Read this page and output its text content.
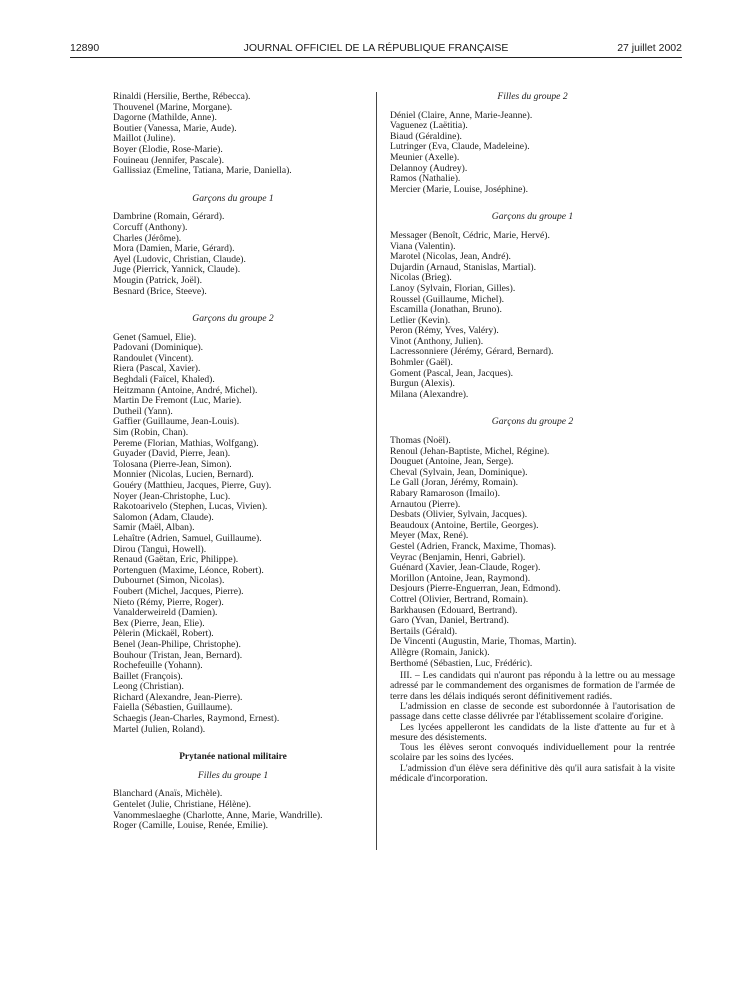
12890	JOURNAL OFFICIEL DE LA RÉPUBLIQUE FRANÇAISE	27 juillet 2002
Rinaldi (Hersilie, Berthe, Rébecca).
Thouvenel (Marine, Morgane).
Dagorne (Mathilde, Anne).
Boutier (Vanessa, Marie, Aude).
Maillot (Juline).
Boyer (Elodie, Rose-Marie).
Fouineau (Jennifer, Pascale).
Gallissiaz (Emeline, Tatiana, Marie, Daniella).
Garçons du groupe 1
Dambrine (Romain, Gérard).
Corcuff (Anthony).
Charles (Jérôme).
Mora (Damien, Marie, Gérard).
Ayel (Ludovic, Christian, Claude).
Juge (Pierrick, Yannick, Claude).
Mougin (Patrick, Joël).
Besnard (Brice, Steeve).
Garçons du groupe 2
Genet (Samuel, Elie).
Padovani (Dominique).
Randoulet (Vincent).
Riera (Pascal, Xavier).
Beghdali (Faïcel, Khaled).
Heitzmann (Antoine, André, Michel).
Martin De Fremont (Luc, Marie).
Dutheil (Yann).
Gaffier (Guillaume, Jean-Louis).
Sim (Robin, Chan).
Pereme (Florian, Mathias, Wolfgang).
Guyader (David, Pierre, Jean).
Tolosana (Pierre-Jean, Simon).
Monnier (Nicolas, Lucien, Bernard).
Gouéry (Matthieu, Jacques, Pierre, Guy).
Noyer (Jean-Christophe, Luc).
Rakotoarivelo (Stephen, Lucas, Vivien).
Salomon (Adam, Claude).
Samir (Maël, Alban).
Lehaître (Adrien, Samuel, Guillaume).
Dirou (Tanguì, Howell).
Renaud (Gaëtan, Eric, Philippe).
Portenguen (Maxime, Léonce, Robert).
Dubournet (Simon, Nicolas).
Foubert (Michel, Jacques, Pierre).
Nieto (Rémy, Pierre, Roger).
Vanalderweireld (Damien).
Bex (Pierre, Jean, Elie).
Pèlerin (Mickaël, Robert).
Benel (Jean-Philipe, Christophe).
Bouhour (Tristan, Jean, Bernard).
Rochefeuille (Yohann).
Baillet (François).
Leong (Christian).
Richard (Alexandre, Jean-Pierre).
Faiella (Sébastien, Guillaume).
Schaegis (Jean-Charles, Raymond, Ernest).
Martel (Julien, Roland).
Prytanée national militaire
Filles du groupe 1
Blanchard (Anaïs, Michèle).
Gentelet (Julie, Christiane, Hélène).
Vanommeslaeghe (Charlotte, Anne, Marie, Wandrille).
Roger (Camille, Louise, Renée, Emilie).
Filles du groupe 2
Déniel (Claire, Anne, Marie-Jeanne).
Vaguenez (Laëtitia).
Biaud (Géraldine).
Lutringer (Eva, Claude, Madeleine).
Meunier (Axelle).
Delannoy (Audrey).
Ramos (Nathalie).
Mercier (Marie, Louise, Joséphine).
Garçons du groupe 1
Messager (Benoît, Cédric, Marie, Hervé).
Viana (Valentin).
Marotel (Nicolas, Jean, André).
Dujardin (Arnaud, Stanislas, Martial).
Nicolas (Brieg).
Lanoy (Sylvain, Florian, Gilles).
Roussel (Guillaume, Michel).
Escamilla (Jonathan, Bruno).
Letlier (Kevin).
Peron (Rémy, Yves, Valéry).
Vinot (Anthony, Julien).
Lacressonniere (Jérémy, Gérard, Bernard).
Bohmler (Gaël).
Goment (Pascal, Jean, Jacques).
Burgun (Alexis).
Milana (Alexandre).
Garçons du groupe 2
Thomas (Noël).
Renoul (Jehan-Baptiste, Michel, Régine).
Douguet (Antoine, Jean, Serge).
Cheval (Sylvain, Jean, Dominique).
Le Gall (Joran, Jérémy, Romain).
Rabary Ramaroson (Imailo).
Arnautou (Pierre).
Desbats (Olivier, Sylvain, Jacques).
Beaudoux (Antoine, Bertile, Georges).
Meyer (Max, René).
Gestel (Adrien, Franck, Maxime, Thomas).
Veyrac (Benjamin, Henri, Gabriel).
Guénard (Xavier, Jean-Claude, Roger).
Morillon (Antoine, Jean, Raymond).
Desjours (Pierre-Enguerran, Jean, Edmond).
Cottrel (Olivier, Bertrand, Romain).
Barkhausen (Edouard, Bertrand).
Garo (Yvan, Daniel, Bertrand).
Bertails (Gérald).
De Vincenti (Augustin, Marie, Thomas, Martin).
Allègre (Romain, Janick).
Berthomé (Sébastien, Luc, Frédéric).
III. – Les candidats qui n'auront pas répondu à la lettre ou au message adressé par le commandement des organismes de formation de l'armée de terre dans les délais indiqués seront définitivement radiés.
L'admission en classe de seconde est subordonnée à l'autorisation de passage dans cette classe délivrée par l'établissement scolaire d'origine.
Les lycées appelleront les candidats de la liste d'attente au fur et à mesure des désistements.
Tous les élèves seront convoqués individuellement pour la rentrée scolaire par les soins des lycées.
L'admission d'un élève sera définitive dès qu'il aura satisfait à la visite médicale d'incorporation.
